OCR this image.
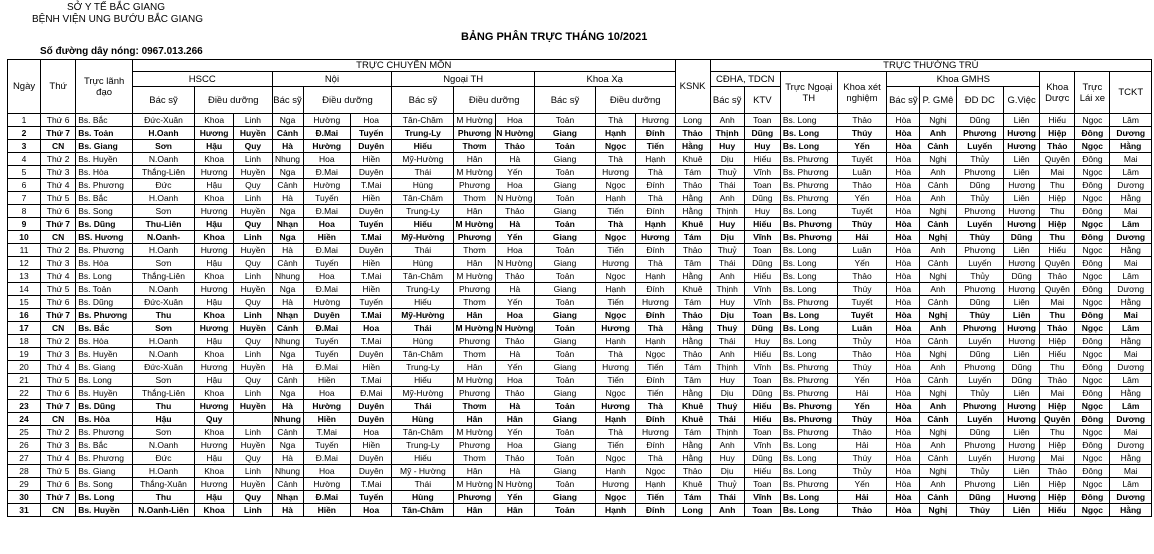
SỞ Y TẾ BẮC GIANG
BỆNH VIỆN UNG BƯỚU BẮC GIANG
BẢNG PHÂN TRỰC THÁNG 10/2021
Số đường dây nóng: 0967.013.266
Ngày	Thứ	Trực lãnh đạo	TRỰC CHUYÊN MÔN												KSNK	TRỰC THƯỜNG TRÚ										
			HSCC			Nội			Ngoại TH			Khoa Xạ				CĐHA, TDCN		Trực Ngoại TH	Khoa xét nghiệm	Khoa GMHS				Khoa Dược	Trực Lái xe	TCKT
			Bác sỹ	Điều dưỡng		Bác sỹ	Điều dưỡng		Bác sỹ	Điều dưỡng		Bác sỹ	Điều dưỡng			Bác sỹ	KTV			Bác sỹ	P. GMê	ĐD DC	G.Việc			
1	Thứ 6	Bs. Bắc	Đức-Xuân	Khoa	Linh	Nga	Hường	Hoa	Tân-Châm	M Hường	Hoa	Toản	Thà	Hương	Long	Anh	Toan	Bs. Long	Thảo	Hòa	Nghị	Dũng	Liên	Hiếu	Ngọc	Lâm
2	Thứ 7	Bs. Toản	H.Oanh	Hương	Huyền	Cảnh	Đ.Mai	Tuyến	Trung-Ly	Phương	N Hường	Giang	Hạnh	Đính	Thảo	Thịnh	Dũng	Bs. Long	Thúy	Hòa	Anh	Phương	Hương	Hiệp	Đông	Dương
3	CN	Bs. Giang	Sơn	Hậu	Quy	Hà	Hường	Duyên	Hiếu	Thơm	Thảo	Toản	Ngọc	Tiến	Hằng	Huy	Huy	Bs. Long	Yến	Hòa	Cảnh	Luyến	Hương	Thảo	Ngọc	Hằng
4	Thứ 2	Bs. Huyền	N.Oanh	Khoa	Linh	Nhung	Hoa	Hiền	Mỹ-Hường	Hân	Hà	Giang	Thà	Hạnh	Khuê	Dịu	Hiếu	Bs. Phương	Tuyết	Hòa	Nghị	Thủy	Liên	Quyên	Đông	Mai
5	Thứ 3	Bs. Hòa	Thắng-Liên	Hương	Huyền	Nga	Đ.Mai	Duyên	Thái	M Hường	Yến	Toản	Hương	Thà	Tám	Thuỷ	Vĩnh	Bs. Phương	Luân	Hòa	Anh	Phương	Liên	Mai	Ngọc	Lâm
6	Thứ 4	Bs. Phương	Đức	Hậu	Quy	Cảnh	Hường	T.Mai	Hùng	Phương	Hoa	Giang	Ngọc	Đính	Thảo	Thái	Toan	Bs. Phương	Thảo	Hòa	Cảnh	Dũng	Hương	Thu	Đông	Dương
7	Thứ 5	Bs. Bắc	H.Oanh	Khoa	Linh	Hà	Tuyến	Hiền	Tân-Châm	Thơm	N Hường	Toản	Hạnh	Thà	Hằng	Anh	Dũng	Bs. Phương	Yến	Hòa	Anh	Thủy	Liên	Hiệp	Ngọc	Hằng
8	Thứ 6	Bs. Song	Sơn	Hương	Huyền	Nga	Đ.Mai	Duyên	Trung-Ly	Hân	Thảo	Giang	Tiến	Đính	Hằng	Thịnh	Huy	Bs. Long	Tuyết	Hòa	Nghị	Phương	Hương	Thu	Đông	Mai
9	Thứ 7	Bs. Dũng	Thu-Liên	Hậu	Quy	Nhạn	Hoa	Tuyến	Hiếu	M Hường	Hà	Toản	Thà	Hạnh	Khuê	Huy	Hiếu	Bs. Phương	Thủy	Hòa	Cảnh	Luyến	Hương	Hiệp	Ngọc	Lâm
10	CN	BS. Hương	N.Oanh-	Khoa	Linh	Nga	Hiền	T.Mai	Mỹ-Hường	Phương	Yến	Giang	Ngọc	Hương	Tám	Dịu	Vĩnh	Bs. Phương	Hải	Hòa	Nghị	Thủy	Dũng	Thu	Đông	Dương
11	Thứ 2	Bs. Phương	H.Oanh	Hương	Huyền	Hà	Đ.Mai	Duyên	Thái	Thơm	Hoa	Toản	Tiến	Đính	Thảo	Thuỷ	Toan	Bs. Long	Luân	Hòa	Anh	Phương	Liên	Hiếu	Ngọc	Hằng
12	Thứ 3	Bs. Hòa	Sơn	Hậu	Quy	Cảnh	Tuyến	Hiền	Hùng	Hân	N Hường	Giang	Hương	Thà	Tâm	Thái	Dũng	Bs. Long	Yến	Hòa	Cảnh	Luyến	Hương	Quyên	Đông	Mai
13	Thứ 4	Bs. Long	Thắng-Liên	Khoa	Linh	Nhung	Hoa	T.Mai	Tân-Châm	M Hường	Thảo	Toản	Ngọc	Hạnh	Hằng	Anh	Hiếu	Bs. Long	Thảo	Hòa	Nghị	Thủy	Dũng	Thảo	Ngọc	Lâm
14	Thứ 5	Bs. Toản	N.Oanh	Hương	Huyền	Nga	Đ.Mai	Hiền	Trung-Ly	Phương	Hà	Giang	Hạnh	Đính	Khuê	Thịnh	Vĩnh	Bs. Long	Thúy	Hòa	Anh	Phương	Hương	Quyên	Đông	Dương
15	Thứ 6	Bs. Dũng	Đức-Xuân	Hậu	Quy	Hà	Hường	Tuyến	Hiếu	Thơm	Yến	Toản	Tiến	Hương	Tám	Huy	Vĩnh	Bs. Phương	Tuyết	Hòa	Cảnh	Dũng	Liên	Mai	Ngọc	Hằng
16	Thứ 7	Bs. Phương	Thu	Khoa	Linh	Nhạn	Duyên	T.Mai	Mỹ-Hường	Hân	Hoa	Giang	Ngọc	Đính	Thảo	Dịu	Toan	Bs. Long	Tuyết	Hòa	Nghị	Thủy	Liên	Thu	Đông	Mai
17	CN	Bs. Bắc	Sơn	Hương	Huyền	Cảnh	Đ.Mai	Hoa	Thái	M Hường	N Hường	Toản	Hương	Thà	Hằng	Thuỷ	Dũng	Bs. Long	Luân	Hòa	Anh	Phương	Hương	Thảo	Ngọc	Lâm
18	Thứ 2	Bs. Hòa	H.Oanh	Hậu	Quy	Nhung	Tuyến	T.Mai	Hùng	Phương	Thảo	Giang	Hạnh	Hạnh	Hằng	Thái	Huy	Bs. Long	Thủy	Hòa	Cảnh	Luyến	Hương	Hiệp	Đông	Hằng
19	Thứ 3	Bs. Huyền	N.Oanh	Khoa	Linh	Nga	Tuyến	Duyên	Tân-Châm	Thơm	Hà	Toản	Thà	Ngọc	Thảo	Anh	Hiếu	Bs. Long	Thảo	Hòa	Nghị	Dũng	Liên	Hiếu	Ngọc	Mai
20	Thứ 4	Bs. Giang	Đức-Xuân	Hương	Huyền	Hà	Đ.Mai	Hiền	Trung-Ly	Hân	Yến	Giang	Hương	Tiến	Tám	Thịnh	Vĩnh	Bs. Phương	Thúy	Hòa	Anh	Phương	Dũng	Thu	Đông	Dương
21	Thứ 5	Bs. Long	Sơn	Hậu	Quy	Cảnh	Hiền	T.Mai	Hiếu	M Hường	Hoa	Toản	Tiến	Đính	Tâm	Huy	Toan	Bs. Phương	Yến	Hòa	Cảnh	Luyến	Dũng	Thảo	Ngọc	Lâm
22	Thứ 6	Bs. Huyền	Thắng-Liên	Khoa	Linh	Nga	Hoa	Đ.Mai	Mỹ-Hường	Phương	Thảo	Giang	Ngọc	Tiến	Hằng	Dịu	Dũng	Bs. Phương	Hải	Hòa	Nghị	Thủy	Liên	Mai	Đông	Hằng
23	Thứ 7	Bs. Dũng	Thu	Hương	Huyền	Hà	Hường	Duyên	Thái	Thơm	Hà	Toản	Hương	Thà	Khuê	Thuỷ	Hiếu	Bs. Phương	Yến	Hòa	Anh	Phương	Hương	Hiệp	Ngọc	Lâm
24	CN	Bs. Hòa	Hậu	Quy		Nhung	Hiền	Duyên	Hùng	Hân	Hân	Giang	Hạnh	Đính	Khuê	Thái	Hiếu	Bs. Phương	Thủy	Hòa	Cảnh	Luyến	Hương	Quyên	Đông	Dương
25	Thứ 2	Bs. Phương	Sơn	Khoa	Linh	Cảnh	T.Mai	Hoa	Tân-Châm	M Hường	Yến	Toản	Thà	Hương	Tám	Thịnh	Toan	Bs. Phương	Thảo	Hòa	Nghị	Dũng	Liên	Thu	Ngọc	Mai
26	Thứ 3	Bs. Bắc	N.Oanh	Hương	Huyền	Nga	Tuyến	Hiền	Trung-Ly	Phương	Hoa	Giang	Tiến	Đính	Hằng	Anh	Vĩnh	Bs. Long	Hải	Hòa	Anh	Phương	Hương	Hiệp	Đông	Dương
27	Thứ 4	Bs. Phương	Đức	Hậu	Quy	Hà	Đ.Mai	Duyên	Hiếu	Thơm	Thảo	Toản	Ngọc	Thà	Hằng	Huy	Dũng	Bs. Long	Thúy	Hòa	Cảnh	Luyến	Hương	Mai	Ngọc	Hằng
28	Thứ 5	Bs. Giang	H.Oanh	Khoa	Linh	Nhung	Hoa	Duyên	Mỹ - Hường	Hân	Hà	Giang	Hạnh	Ngọc	Thảo	Dịu	Hiếu	Bs. Long	Thủy	Hòa	Nghị	Thủy	Liên	Thảo	Đông	Mai
29	Thứ 6	Bs. Song	Thắng-Xuân	Hương	Huyền	Cảnh	Hường	T.Mai	Thái	M Hường	N Hường	Toản	Hương	Hạnh	Khuê	Thuỷ	Toan	Bs. Phương	Yến	Hòa	Anh	Phương	Liên	Hiệp	Ngọc	Lâm
30	Thứ 7	Bs. Long	Thu	Hậu	Quy	Nhạn	Đ.Mai	Tuyến	Hùng	Phương	Yến	Giang	Ngọc	Tiến	Tám	Thái	Vĩnh	Bs. Long	Hải	Hòa	Cảnh	Dũng	Hương	Hiệp	Đông	Dương
31	CN	Bs. Huyền	N.Oanh-Liên	Khoa	Linh	Hà	Hiền	Hoa	Tân-Châm	Hân	Hân	Toản	Hạnh	Đính	Long	Anh	Toan	Bs. Long	Thảo	Hòa	Nghị	Thủy	Liên	Hiếu	Ngọc	Hằng
